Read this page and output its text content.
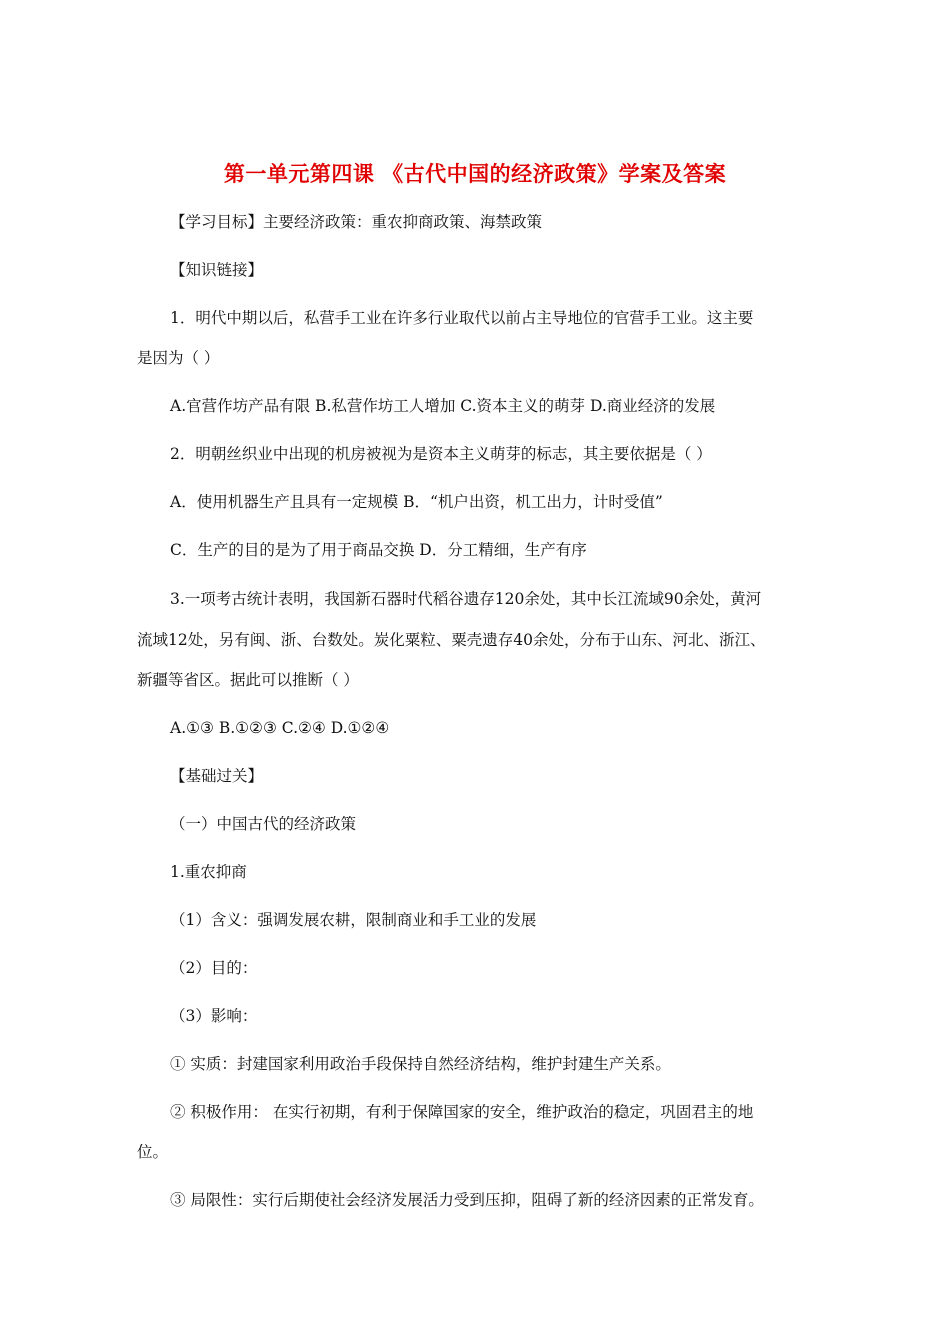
第一单元第四课 《古代中国的经济政策》学案及答案
【学习目标】主要经济政策：重农抑商政策、海禁政策
【知识链接】
1．明代中期以后，私营手工业在许多行业取代以前占主导地位的官营手工业。这主要
是因为（ ）
A.官营作坊产品有限 B.私营作坊工人增加 C.资本主义的萌芽 D.商业经济的发展
2．明朝丝织业中出现的机房被视为是资本主义萌芽的标志，其主要依据是（ ）
A．使用机器生产且具有一定规模 B．“机户出资，机工出力，计时受值”
C．生产的目的是为了用于商品交换 D．分工精细，生产有序
3.一项考古统计表明，我国新石器时代稻谷遗存120余处，其中长江流域90余处，黄河
流域12处，另有闽、浙、台数处。炭化粟粒、粟壳遗存40余处，分布于山东、河北、浙江、
新疆等省区。据此可以推断（ ）
A.①③ B.①②③ C.②④ D.①②④
【基础过关】
（一）中国古代的经济政策
1.重农抑商
（1）含义：强调发展农耕，限制商业和手工业的发展
（2）目的：
（3）影响：
① 实质：封建国家利用政治手段保持自然经济结构，维护封建生产关系。
② 积极作用： 在实行初期，有利于保障国家的安全，维护政治的稳定，巩固君主的地
位。
③ 局限性：实行后期使社会经济发展活力受到压抑，阻碍了新的经济因素的正常发育。
